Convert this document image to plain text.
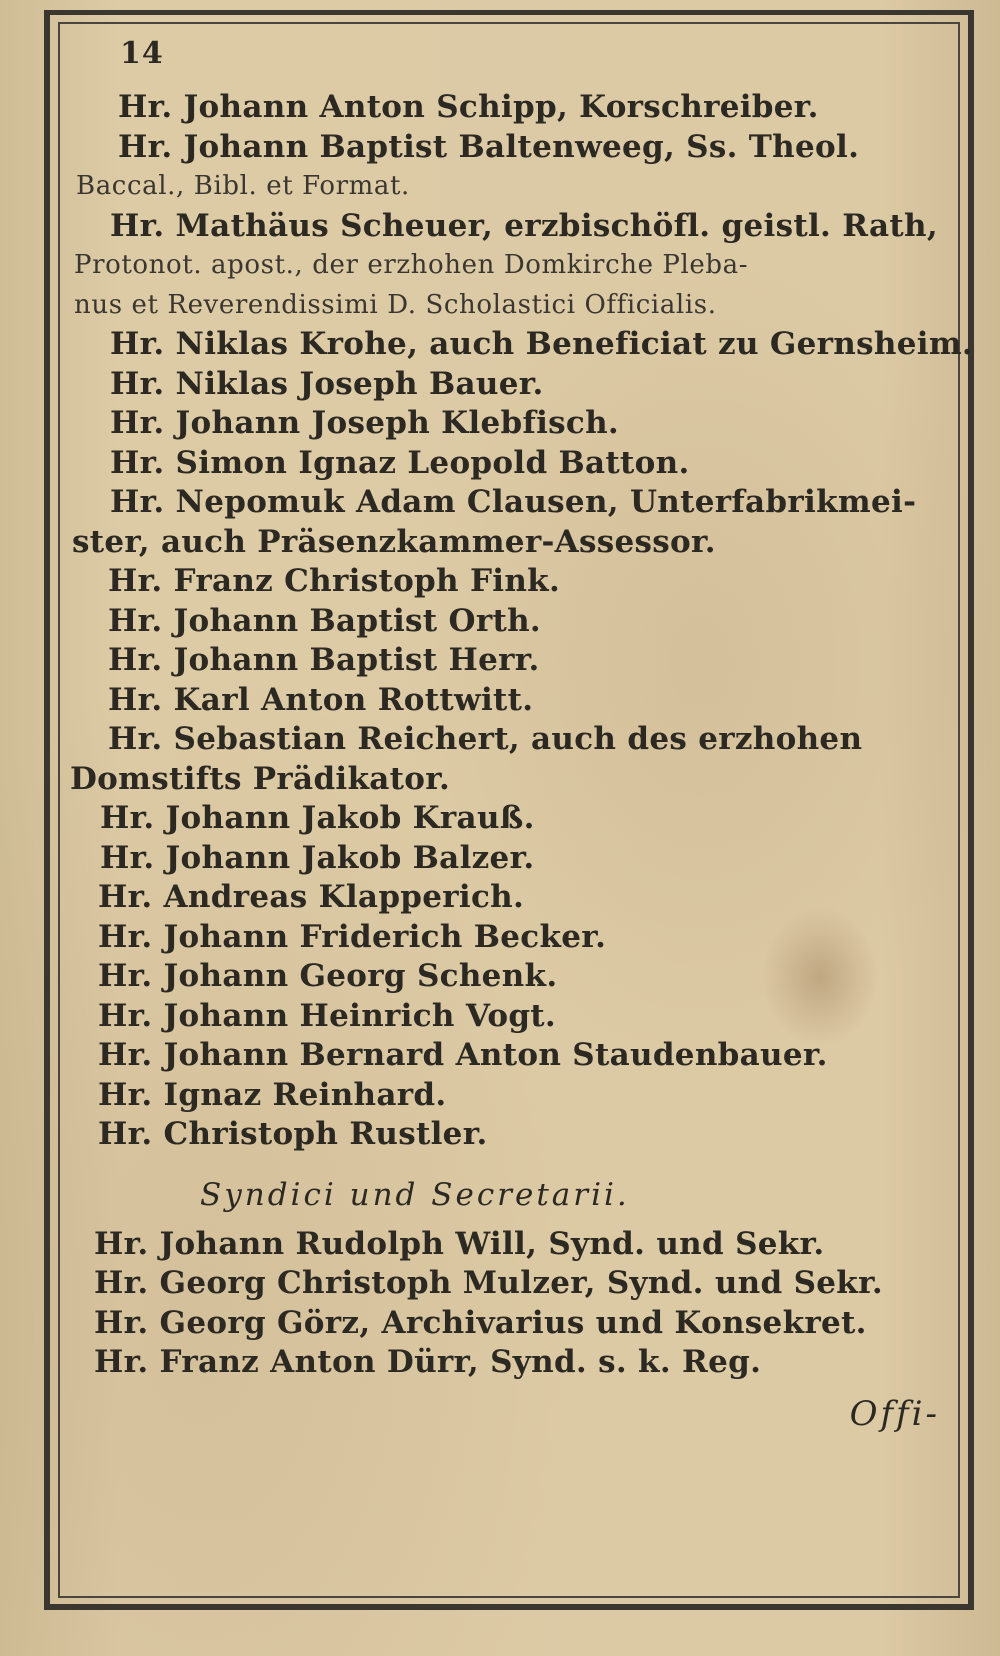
14
Hr. Johann Anton Schipp, Korschreiber.
Hr. Johann Baptist Baltenweeg, Ss. Theol.
Baccal., Bibl. et Format.
Hr. Mathäus Scheuer, erzbischöfl. geistl. Rath,
Protonot. apost., der erzhohen Domkirche Pleba-
nus et Reverendissimi D. Scholastici Officialis.
Hr. Niklas Krohe, auch Beneficiat zu Gernsheim.
Hr. Niklas Joseph Bauer.
Hr. Johann Joseph Klebfisch.
Hr. Simon Ignaz Leopold Batton.
Hr. Nepomuk Adam Clausen, Unterfabrikmei-
ster, auch Präsenzkammer-Assessor.
Hr. Franz Christoph Fink.
Hr. Johann Baptist Orth.
Hr. Johann Baptist Herr.
Hr. Karl Anton Rottwitt.
Hr. Sebastian Reichert, auch des erzhohen
Domstifts Prädikator.
Hr. Johann Jakob Krauß.
Hr. Johann Jakob Balzer.
Hr. Andreas Klapperich.
Hr. Johann Friderich Becker.
Hr. Johann Georg Schenk.
Hr. Johann Heinrich Vogt.
Hr. Johann Bernard Anton Staudenbauer.
Hr. Ignaz Reinhard.
Hr. Christoph Rustler.
Syndici und Secretarii.
Hr. Johann Rudolph Will, Synd. und Sekr.
Hr. Georg Christoph Mulzer, Synd. und Sekr.
Hr. Georg Görz, Archivarius und Konsekret.
Hr. Franz Anton Dürr, Synd. s. k. Reg.
Offi-
